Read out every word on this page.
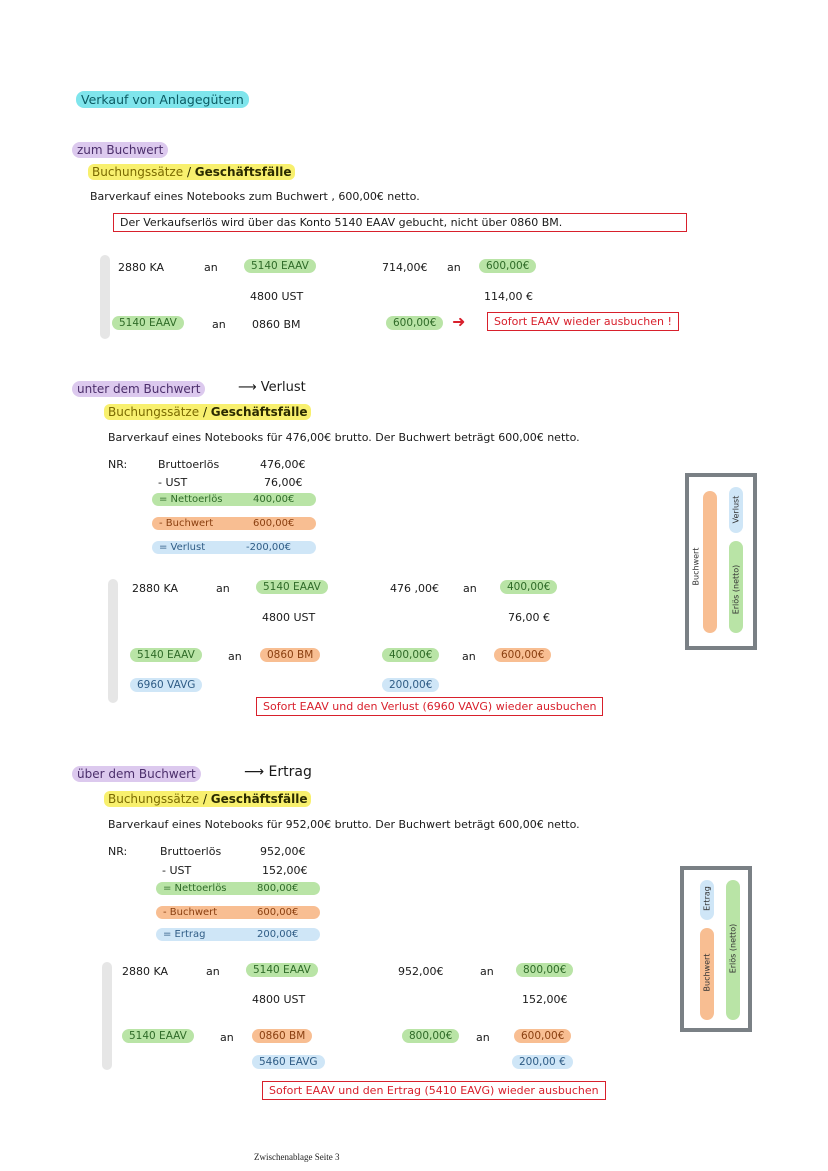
Verkauf von Anlagegütern
zum Buchwert
Buchungssätze / Geschäftsfälle
Barverkauf eines Notebooks zum Buchwert , 600,00€ netto.
Der Verkaufserlös wird über das Konto 5140 EAAV gebucht, nicht über 0860 BM.
2880 KA	an	5140 EAAV	714,00€ an	600,00€
4800 UST	114,00 €
5140 EAAV	an 0860 BM	600,00€ ➜	Sofort EAAV wieder ausbuchen !
unter dem Buchwert	⟶ Verlust
Buchungssätze / Geschäftsfälle
Barverkauf eines Notebooks für 476,00€ brutto. Der Buchwert beträgt 600,00€ netto.
NR:	Bruttoerlös	476,00€
- UST	76,00€
= Nettoerlös	400,00€
- Buchwert	600,00€
= Verlust	-200,00€
2880 KA	an	5140 EAAV	476 ,00€ an	400,00€
4800 UST	76,00 €
5140 EAAV	an	0860 BM	400,00€	an	600,00€
6960 VAVG	200,00€
Sofort EAAV und den Verlust (6960 VAVG) wieder ausbuchen
Buchwert
Verlust
Erlös (netto)
über dem Buchwert	⟶ Ertrag
Buchungssätze / Geschäftsfälle
Barverkauf eines Notebooks für 952,00€ brutto. Der Buchwert beträgt 600,00€ netto.
NR:	Bruttoerlös	952,00€
- UST	152,00€
= Nettoerlös	800,00€
- Buchwert	600,00€
= Ertrag	200,00€
2880 KA	an	5140 EAAV	952,00€	an	800,00€
4800 UST	152,00€
5140 EAAV	an	0860 BM	800,00€	an	600,00€
5460 EAVG	200,00 €
Sofort EAAV und den Ertrag (5410 EAVG) wieder ausbuchen
Ertrag
Buchwert Erlös (netto)
Zwischenablage Seite 3
